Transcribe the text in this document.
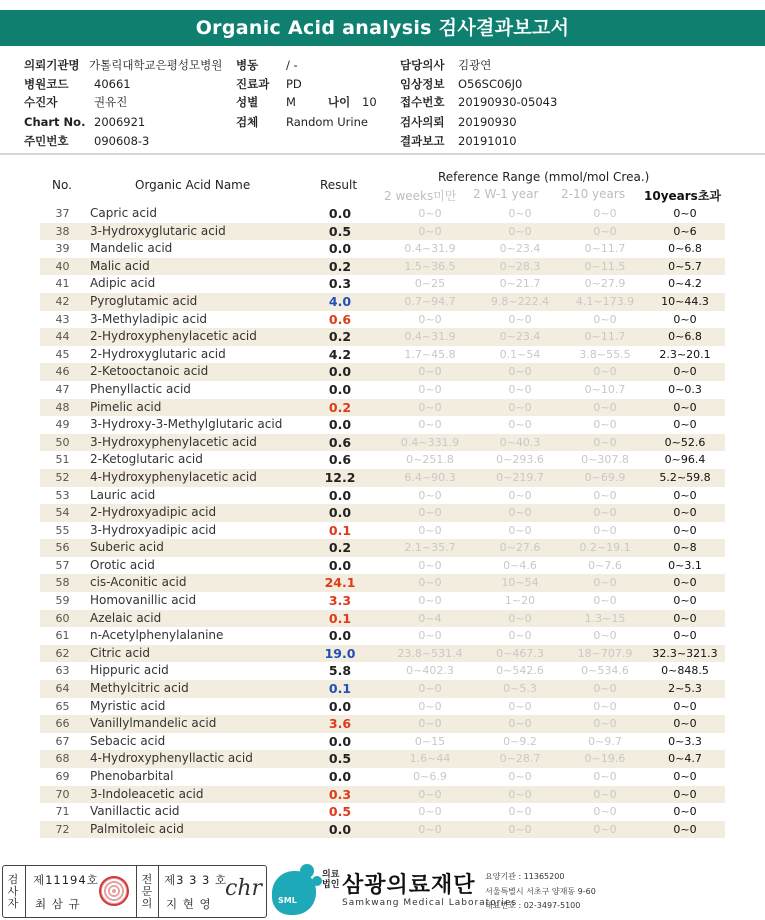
Organic Acid analysis 검사결과보고서
의뢰기관명 가톨릭대학교은평성모병원 병동 / -	담당의사 김광연
병원코드 40661	진료과 PD	임상정보 O56SC06J0
수진자	권유진	성별 M	나이 10 접수번호 20190930-05043
Chart No. 2006921	검체 Random Urine	검사의뢰 20190930
주민번호 090608-3	결과보고 20191010
No.	Organic Acid Name	Result
Reference Range (mmol/mol Crea.)
2 weeks미만 2 W-1 year 2-10 years 10years초과
37	Capric acid	0.0	0~0	0~0	0~0	0~0
38	3-Hydroxyglutaric acid	0.5	0~0	0~0	0~0	0~6
39	Mandelic acid	0.0	0.4~31.9	0~23.4	0~11.7	0~6.8
40	Malic acid	0.2	1.5~36.5	0~28.3	0~11.5	0~5.7
41	Adipic acid	0.3	0~25	0~21.7	0~27.9	0~4.2
42	Pyroglutamic acid	4.0	0.7~94.7	9.8~222.4	4.1~173.9	10~44.3
43	3-Methyladipic acid	0.6	0~0	0~0	0~0	0~0
44	2-Hydroxyphenylacetic acid	0.2	0.4~31.9	0~23.4	0~11.7	0~6.8
45	2-Hydroxyglutaric acid	4.2	1.7~45.8	0.1~54	3.8~55.5	2.3~20.1
46	2-Ketooctanoic acid	0.0	0~0	0~0	0~0	0~0
47	Phenyllactic acid	0.0	0~0	0~0	0~10.7	0~0.3
48	Pimelic acid	0.2	0~0	0~0	0~0	0~0
49	3-Hydroxy-3-Methylglutaric acid	0.0	0~0	0~0	0~0	0~0
50	3-Hydroxyphenylacetic acid	0.6	0.4~331.9	0~40.3	0~0	0~52.6
51	2-Ketoglutaric acid	0.6	0~251.8	0~293.6	0~307.8	0~96.4
52	4-Hydroxyphenylacetic acid	12.2	6.4~90.3	0~219.7	0~69.9	5.2~59.8
53	Lauric acid	0.0	0~0	0~0	0~0	0~0
54	2-Hydroxyadipic acid	0.0	0~0	0~0	0~0	0~0
55	3-Hydroxyadipic acid	0.1	0~0	0~0	0~0	0~0
56	Suberic acid	0.2	2.1~35.7	0~27.6	0.2~19.1	0~8
57	Orotic acid	0.0	0~0	0~4.6	0~7.6	0~3.1
58	cis-Aconitic acid	24.1	0~0	10~54	0~0	0~0
59	Homovanillic acid	3.3	0~0	1~20	0~0	0~0
60	Azelaic acid	0.1	0~4	0~0	1.3~15	0~0
61	n-Acetylphenylalanine	0.0	0~0	0~0	0~0	0~0
62	Citric acid	19.0	23.8~531.4	0~467.3	18~707.9	32.3~321.3
63	Hippuric acid	5.8	0~402.3	0~542.6	0~534.6	0~848.5
64	Methylcitric acid	0.1	0~0	0~5.3	0~0	2~5.3
65	Myristic acid	0.0	0~0	0~0	0~0	0~0
66	Vanillylmandelic acid	3.6	0~0	0~0	0~0	0~0
67	Sebacic acid	0.0	0~15	0~9.2	0~9.7	0~3.3
68	4-Hydroxyphenyllactic acid	0.5	1.6~44	0~28.7	0~19.6	0~4.7
69	Phenobarbital	0.0	0~6.9	0~0	0~0	0~0
70	3-Indoleacetic acid	0.3	0~0	0~0	0~0	0~0
71	Vanillactic acid	0.5	0~0	0~0	0~0	0~0
72	Palmitoleic acid	0.0	0~0	0~0	0~0	0~0
검사자
제11194호
최 삼 규
전문의
제3 3 3 호
지 현 영
chr SML
의료법인 삼광의료재단
Samkwang Medical Laboratories
요양기관 : 11365200
서울특별시 서초구 양재동 9-60
대표번호 : 02-3497-5100
